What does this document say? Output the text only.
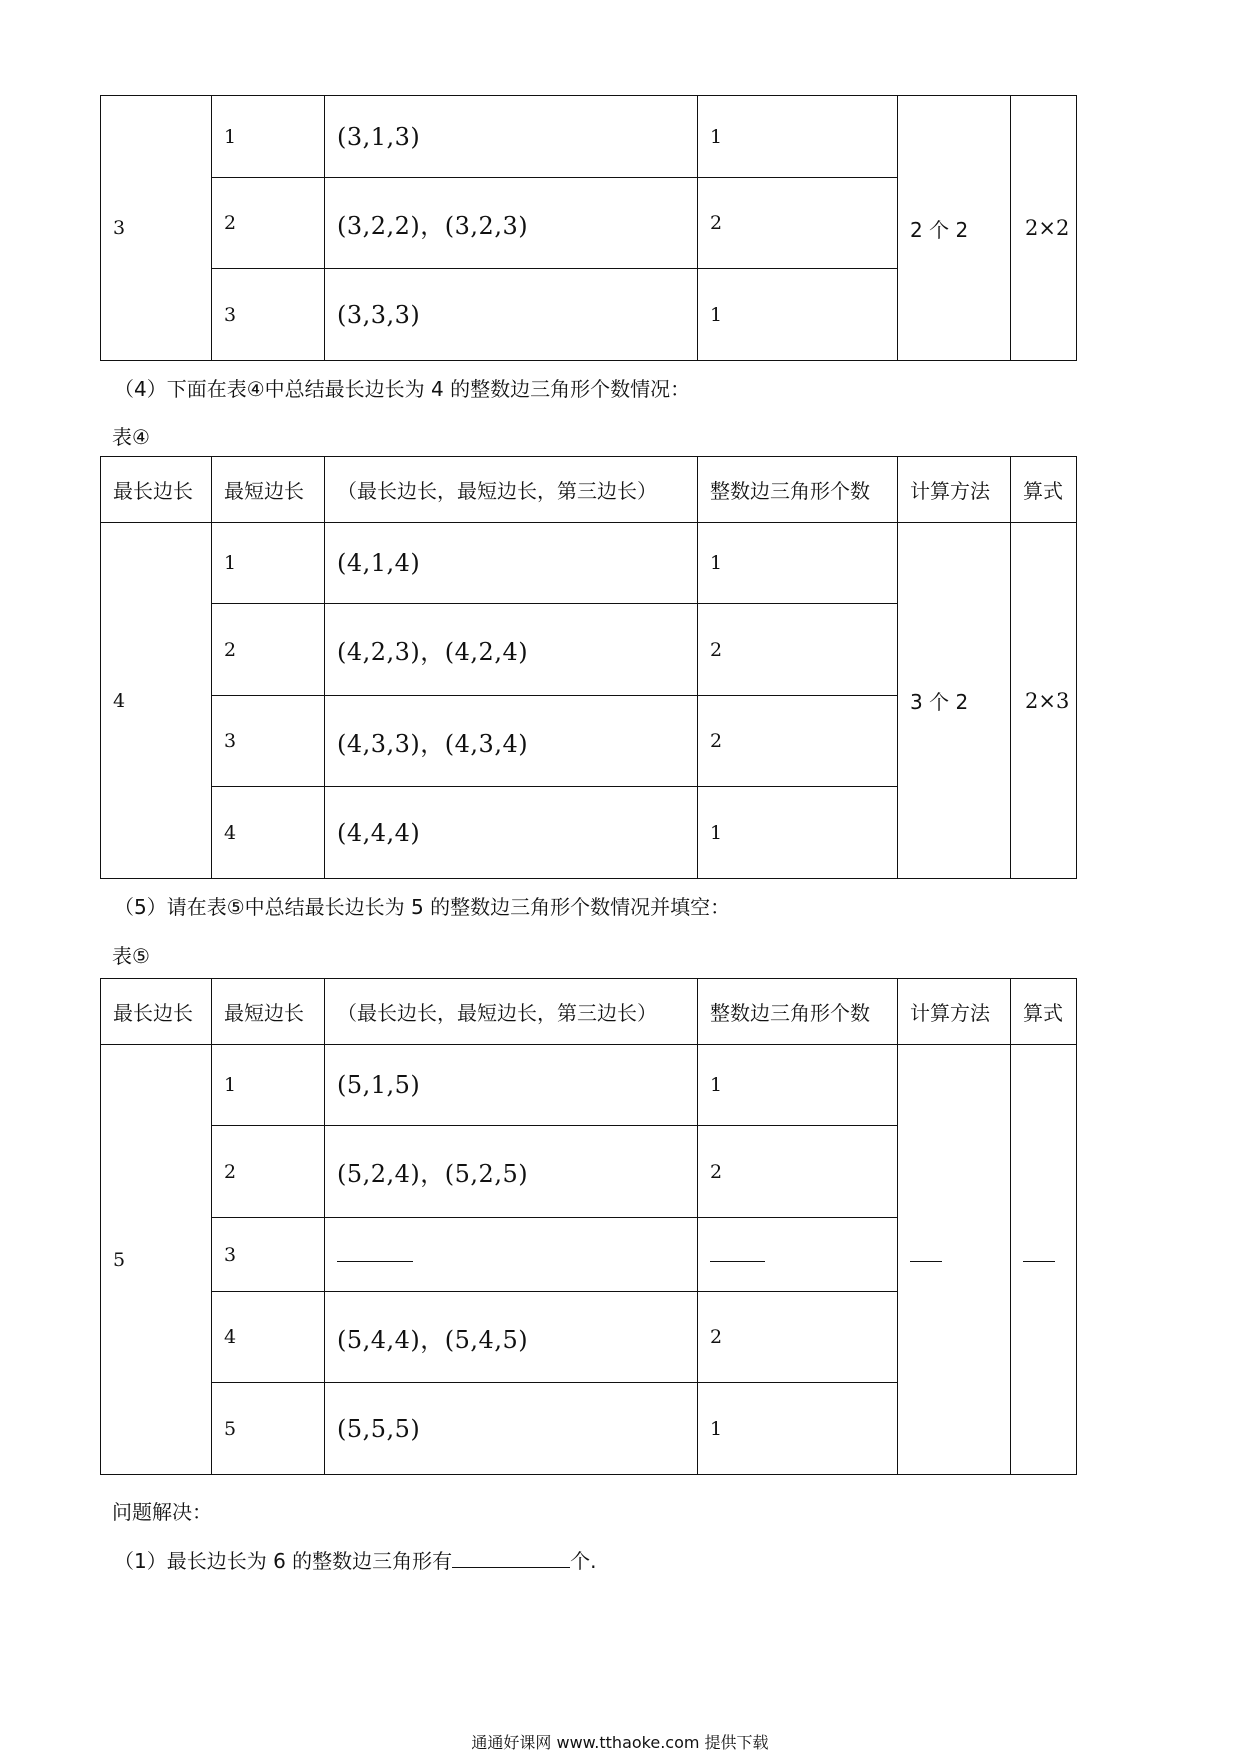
3	1	(3,1,3)	1	2 个 2	2×2
	2	(3,2,2)，(3,2,3)	2		
	3	(3,3,3)	1		
（4）下面在表④中总结最长边长为 4 的整数边三角形个数情况：
表④
最长边长	最短边长	（最长边长，最短边长，第三边长）	整数边三角形个数	计算方法	算式
4	1	(4,1,4)	1	3 个 2	2×3
	2	(4,2,3)，(4,2,4)	2		
	3	(4,3,3)，(4,3,4)	2		
	4	(4,4,4)	1		
（5）请在表⑤中总结最长边长为 5 的整数边三角形个数情况并填空：
表⑤
最长边长	最短边长	（最长边长，最短边长，第三边长）	整数边三角形个数	计算方法	算式
5	1	(5,1,5)	1		
	2	(5,2,4)，(5,2,5)	2		
	3				
	4	(5,4,4)，(5,4,5)	2		
	5	(5,5,5)	1		
问题解决：
（1）最长边长为 6 的整数边三角形有	个.
通通好课网 www.tthaoke.com 提供下载
